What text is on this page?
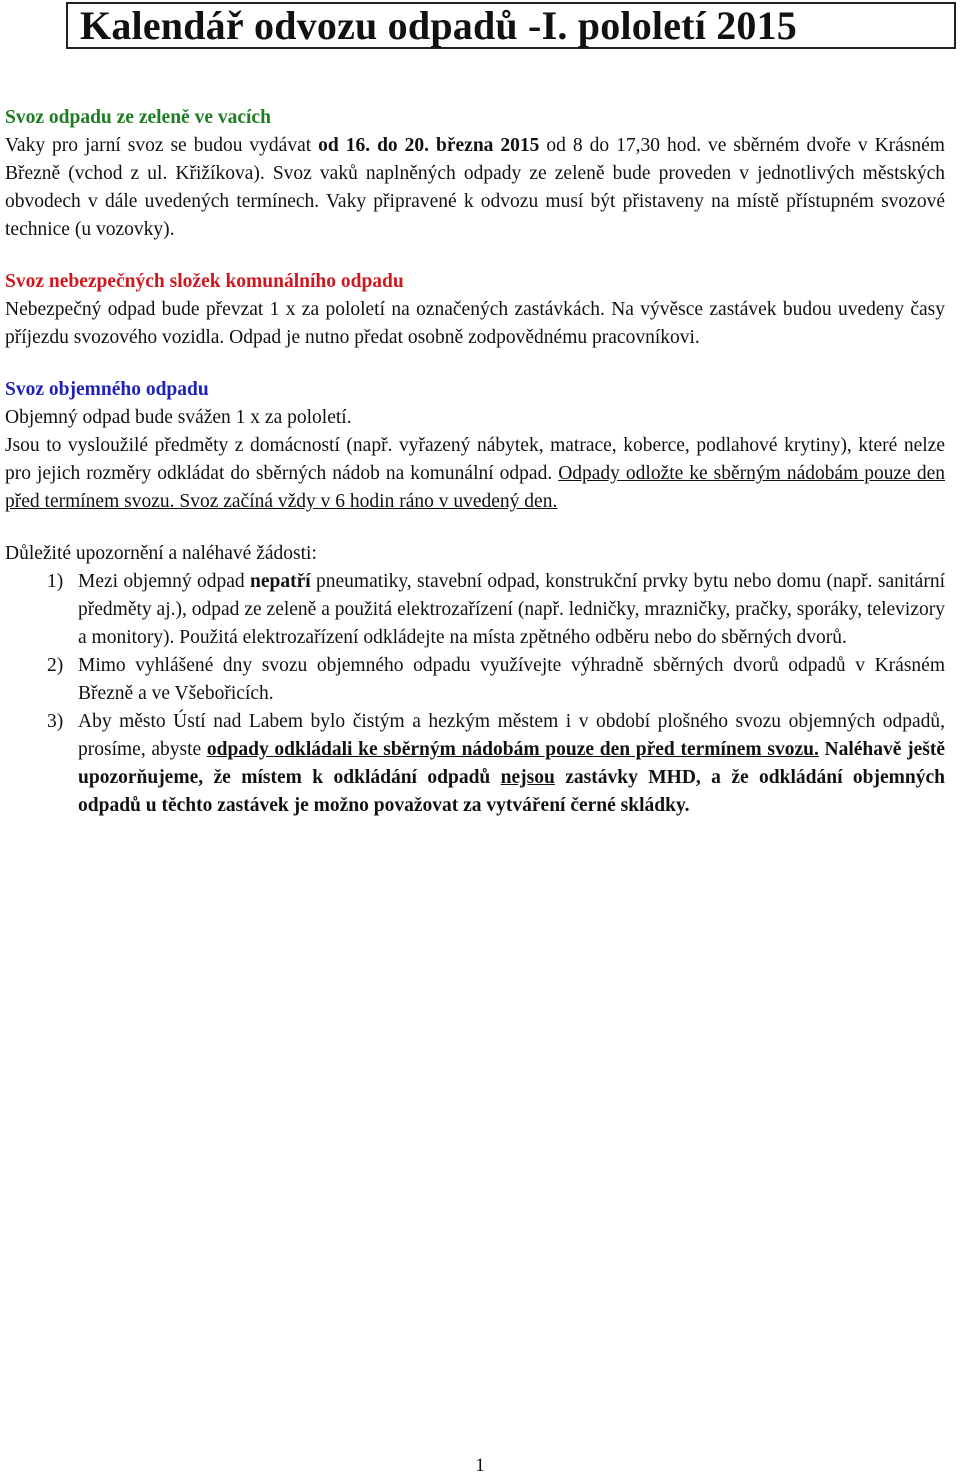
Kalendář odvozu odpadů -I. pololetí 2015

Svoz odpadu ze zeleně ve vacích

Vaky pro jarní svoz se budou vydávat od 16. do 20. března 2015 od 8 do 17,30 hod. ve sběrném dvoře v Krásném Březně (vchod z ul. Křižíkova). Svoz vaků naplněných odpady ze zeleně bude proveden v jednotlivých městských obvodech v dále uvedených termínech. Vaky připravené k odvozu musí být přistaveny na místě přístupném svozové technice (u vozovky).

Svoz nebezpečných složek komunálního odpadu

Nebezpečný odpad bude převzat 1 x za pololetí na označených zastávkách. Na vývěsce zastávek budou uvedeny časy příjezdu svozového vozidla. Odpad je nutno předat osobně zodpovědnému pracovníkovi.

Svoz objemného odpadu

Objemný odpad bude svážen 1 x za pololetí.

Jsou to vysloužilé předměty z domácností (např. vyřazený nábytek, matrace, koberce, podlahové krytiny), které nelze pro jejich rozměry odkládat do sběrných nádob na komunální odpad. Odpady odložte ke sběrným nádobám pouze den před termínem svozu. Svoz začíná vždy v 6 hodin ráno v uvedený den.

Důležité upozornění a naléhavé žádosti:

1) Mezi objemný odpad nepatří pneumatiky, stavební odpad, konstrukční prvky bytu nebo domu (např. sanitární předměty aj.), odpad ze zeleně a použitá elektrozařízení (např. ledničky, mrazničky, pračky, sporáky, televizory a monitory). Použitá elektrozařízení odkládejte na místa zpětného odběru nebo do sběrných dvorů.
2) Mimo vyhlášené dny svozu objemného odpadu využívejte výhradně sběrných dvorů odpadů v Krásném Březně a ve Všebořicích.
3) Aby město Ústí nad Labem bylo čistým a hezkým městem i v období plošného svozu objemných odpadů, prosíme, abyste odpady odkládali ke sběrným nádobám pouze den před termínem svozu. Naléhavě ještě upozorňujeme, že místem k odkládání odpadů nejsou zastávky MHD, a že odkládání objemných odpadů u těchto zastávek je možno považovat za vytváření černé skládky.
1
